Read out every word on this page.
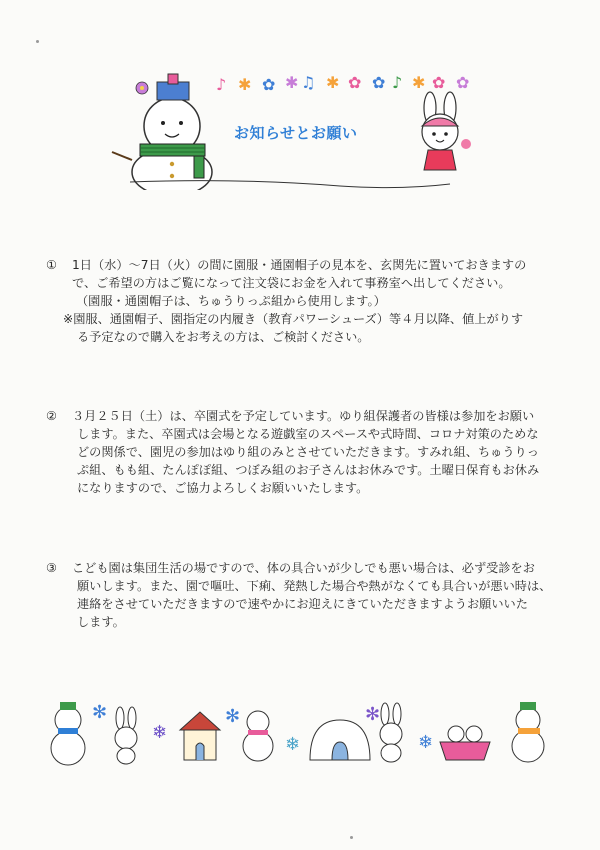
♪ ✱ ✿ ✱ ♫ ✱ ✿ ✿ ♪ ✱ ✿ ✿
お知らせとお願い
①	1日（水）～7日（火）の間に園服・通園帽子の見本を、玄関先に置いておきますの
で、ご希望の方はご覧になって注文袋にお金を入れて事務室へ出してください。
（園服・通園帽子は、ちゅうりっぷ組から使用します。）
※園服、通園帽子、園指定の内履き（教育パワーシューズ）等４月以降、値上がりす
る予定なので購入をお考えの方は、ご検討ください。
②	３月２５日（土）は、卒園式を予定しています。ゆり組保護者の皆様は参加をお願い
します。また、卒園式は会場となる遊戯室のスペースや式時間、コロナ対策のためな
どの関係で、園児の参加はゆり組のみとさせていただきます。すみれ組、ちゅうりっ
ぷ組、もも組、たんぽぽ組、つぼみ組のお子さんはお休みです。土曜日保育もお休み
になりますので、ご協力よろしくお願いいたします。
③	こども園は集団生活の場ですので、体の具合いが少しでも悪い場合は、必ず受診をお
願いします。また、園で嘔吐、下痢、発熱した場合や熱がなくても具合いが悪い時は、
連絡をさせていただきますので速やかにお迎えにきていただきますようお願いいた
します。
✻
❄
✻
❄
✻
❄
